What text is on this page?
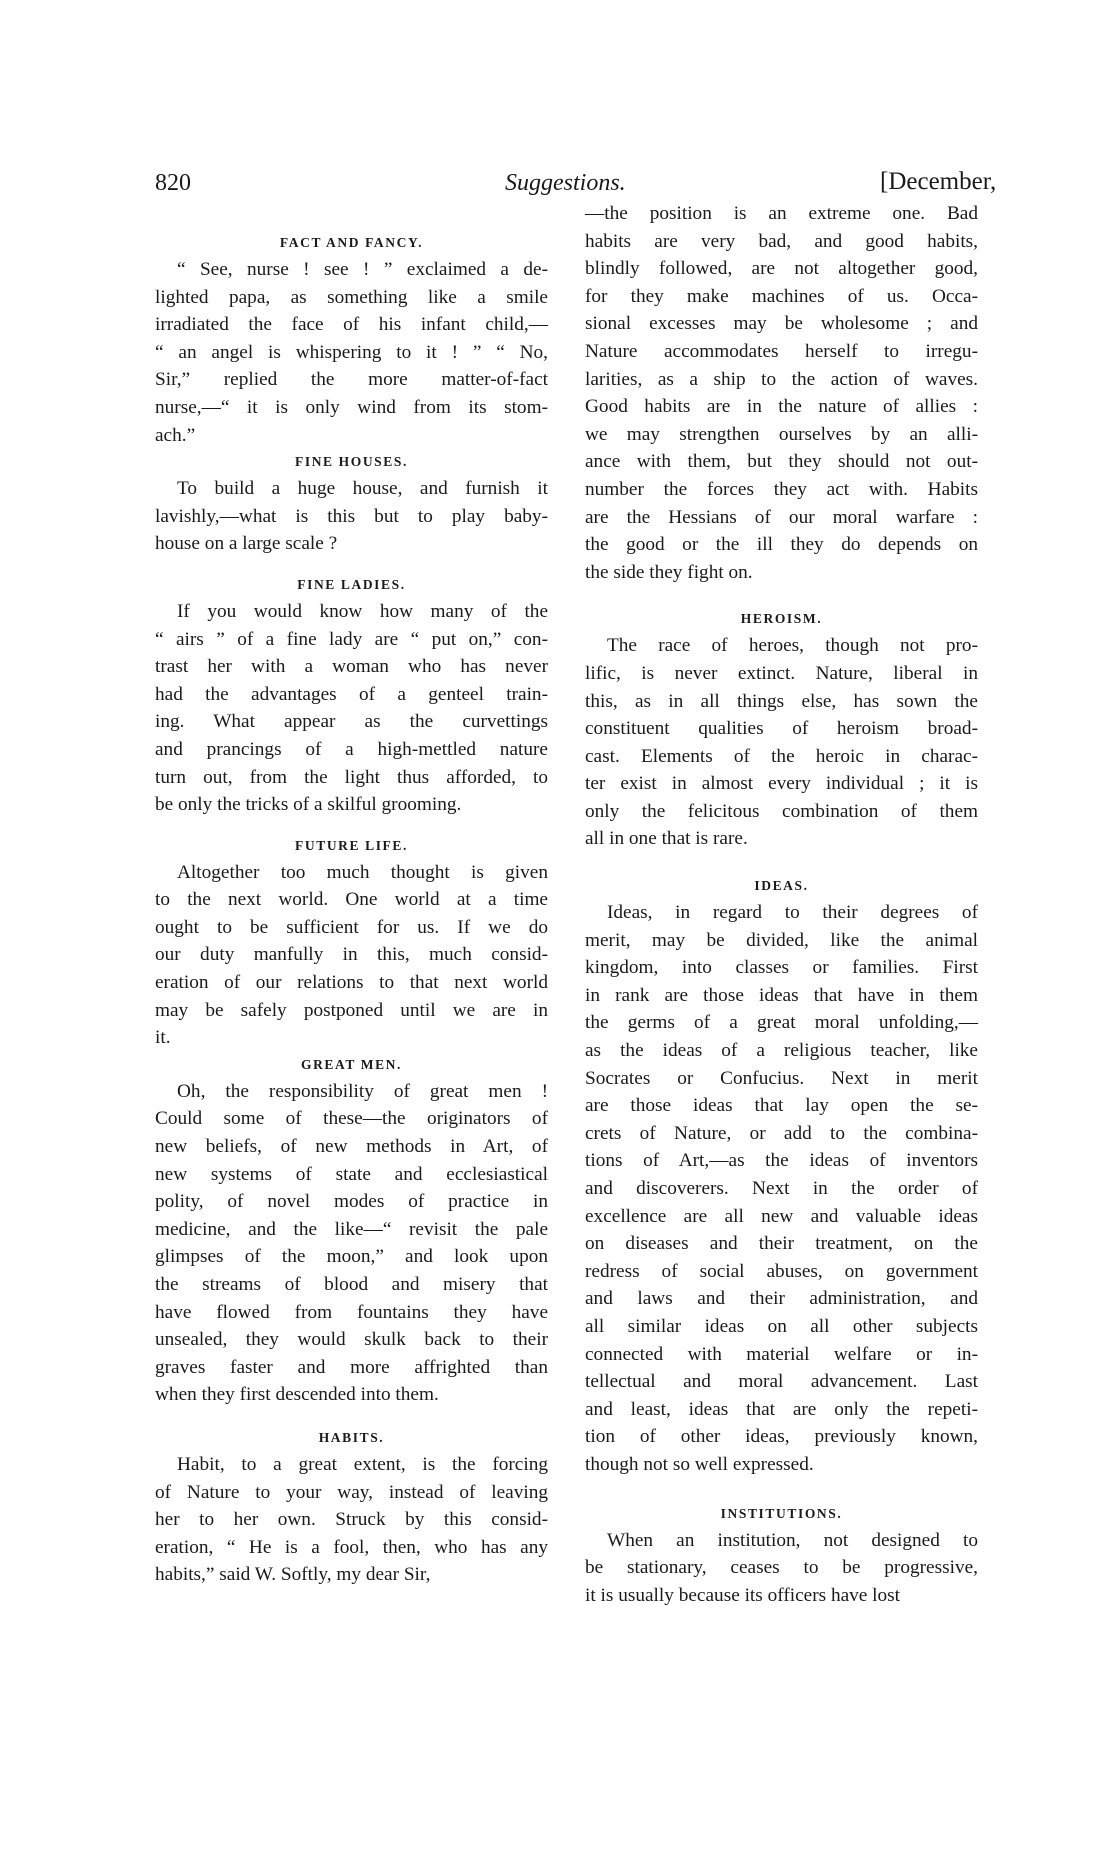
820	Suggestions.	[December,
FACT AND FANCY.
“ See, nurse ! see ! ” exclaimed a de-
lighted papa, as something like a smile
irradiated the face of his infant child,—
“ an angel is whispering to it ! ” “ No,
Sir,” replied the more matter-of-fact
nurse,—“ it is only wind from its stom-
ach.”
FINE HOUSES.
To build a huge house, and furnish it
lavishly,—what is this but to play baby-
house on a large scale ?
FINE LADIES.
If you would know how many of the
“ airs ” of a fine lady are “ put on,” con-
trast her with a woman who has never
had the advantages of a genteel train-
ing. What appear as the curvettings
and prancings of a high-mettled nature
turn out, from the light thus afforded, to
be only the tricks of a skilful grooming.
FUTURE LIFE.
Altogether too much thought is given
to the next world. One world at a time
ought to be sufficient for us. If we do
our duty manfully in this, much consid-
eration of our relations to that next world
may be safely postponed until we are in
it.
GREAT MEN.
Oh, the responsibility of great men !
Could some of these—the originators of
new beliefs, of new methods in Art, of
new systems of state and ecclesiastical
polity, of novel modes of practice in
medicine, and the like—“ revisit the pale
glimpses of the moon,” and look upon
the streams of blood and misery that
have flowed from fountains they have
unsealed, they would skulk back to their
graves faster and more affrighted than
when they first descended into them.
HABITS.
Habit, to a great extent, is the forcing
of Nature to your way, instead of leaving
her to her own. Struck by this consid-
eration, “ He is a fool, then, who has any
habits,” said W. Softly, my dear Sir,
—the position is an extreme one. Bad
habits are very bad, and good habits,
blindly followed, are not altogether good,
for they make machines of us. Occa-
sional excesses may be wholesome ; and
Nature accommodates herself to irregu-
larities, as a ship to the action of waves.
Good habits are in the nature of allies :
we may strengthen ourselves by an alli-
ance with them, but they should not out-
number the forces they act with. Habits
are the Hessians of our moral warfare :
the good or the ill they do depends on
the side they fight on.
HEROISM.
The race of heroes, though not pro-
lific, is never extinct. Nature, liberal in
this, as in all things else, has sown the
constituent qualities of heroism broad-
cast. Elements of the heroic in charac-
ter exist in almost every individual ; it is
only the felicitous combination of them
all in one that is rare.
IDEAS.
Ideas, in regard to their degrees of
merit, may be divided, like the animal
kingdom, into classes or families. First
in rank are those ideas that have in them
the germs of a great moral unfolding,—
as the ideas of a religious teacher, like
Socrates or Confucius. Next in merit
are those ideas that lay open the se-
crets of Nature, or add to the combina-
tions of Art,—as the ideas of inventors
and discoverers. Next in the order of
excellence are all new and valuable ideas
on diseases and their treatment, on the
redress of social abuses, on government
and laws and their administration, and
all similar ideas on all other subjects
connected with material welfare or in-
tellectual and moral advancement. Last
and least, ideas that are only the repeti-
tion of other ideas, previously known,
though not so well expressed.
INSTITUTIONS.
When an institution, not designed to
be stationary, ceases to be progressive,
it is usually because its officers have lost
